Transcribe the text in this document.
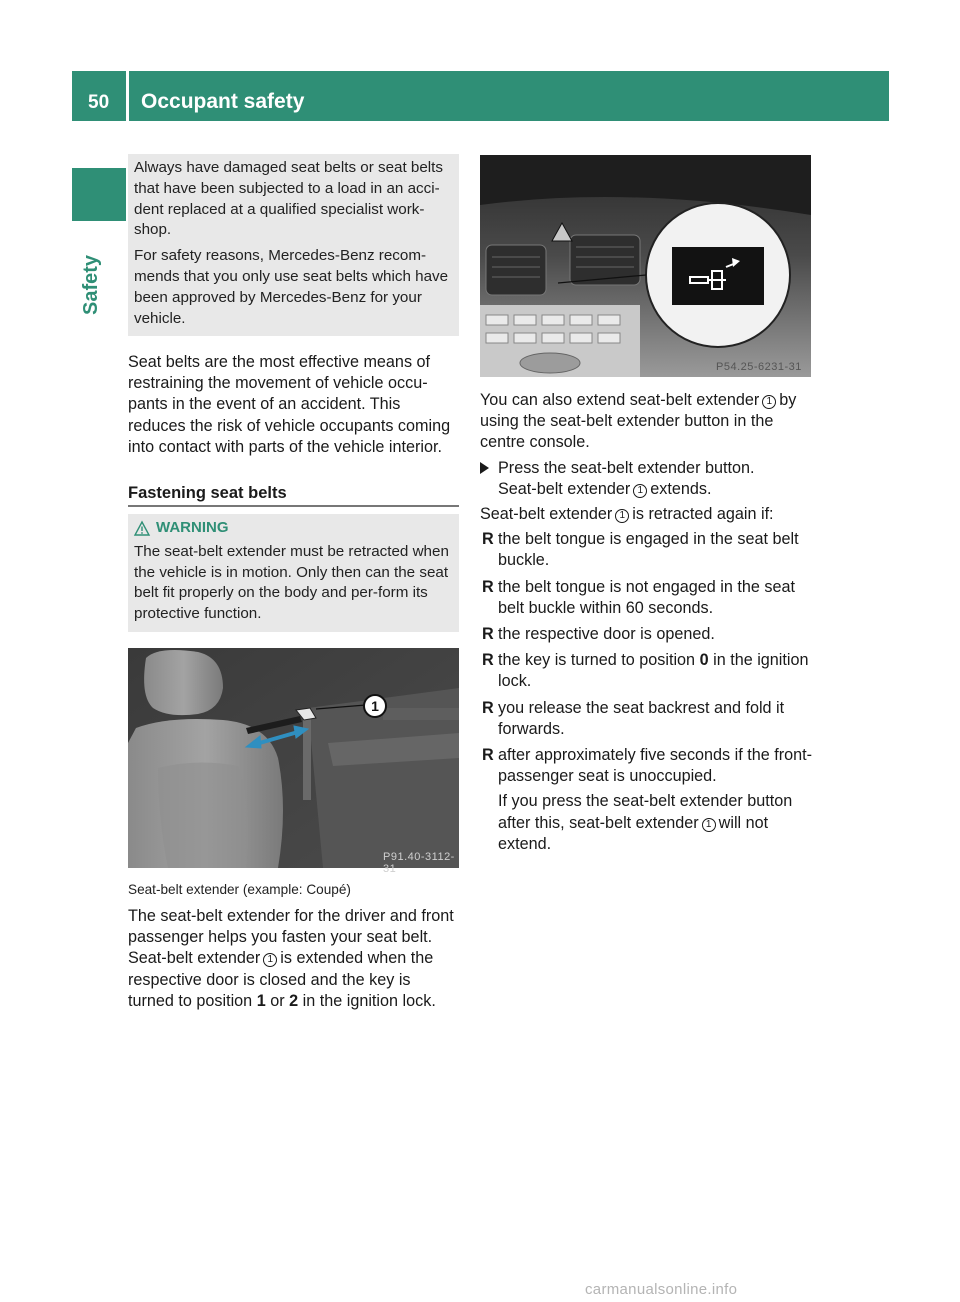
50 Occupant safety
Safety

Always have damaged seat belts or seat belts that have been subjected to a load in an acci-dent replaced at a qualified specialist work-shop.

For safety reasons, Mercedes-Benz recom-mends that you only use seat belts which have been approved by Mercedes-Benz for your vehicle.

Seat belts are the most effective means of restraining the movement of vehicle occu-pants in the event of an accident. This reduces the risk of vehicle occupants coming into contact with parts of the vehicle interior.

Fastening seat belts
WARNING

The seat-belt extender must be retracted when the vehicle is in motion. Only then can the seat belt fit properly on the body and per-form its protective function.

1
P91.40-3112-31
Seat-belt extender (example: Coupé)

The seat-belt extender for the driver and front passenger helps you fasten your seat belt.

Seat-belt extender 1 is extended when the respective door is closed and the key is turned to position 1 or 2 in the ignition lock.

P54.25-6231-31

You can also extend seat-belt extender 1 by using the seat-belt extender button in the centre console.

Press the seat-belt extender button.

Seat-belt extender 1 extends.

Seat-belt extender 1 is retracted again if:

R the belt tongue is engaged in the seat belt buckle.

R the belt tongue is not engaged in the seat belt buckle within 60 seconds.

R the respective door is opened.

R the key is turned to position 0 in the ignition lock.

R you release the seat backrest and fold it forwards.

R after approximately five seconds if the front-passenger seat is unoccupied.

If you press the seat-belt extender button after this, seat-belt extender 1 will not extend.

carmanualsonline.info
